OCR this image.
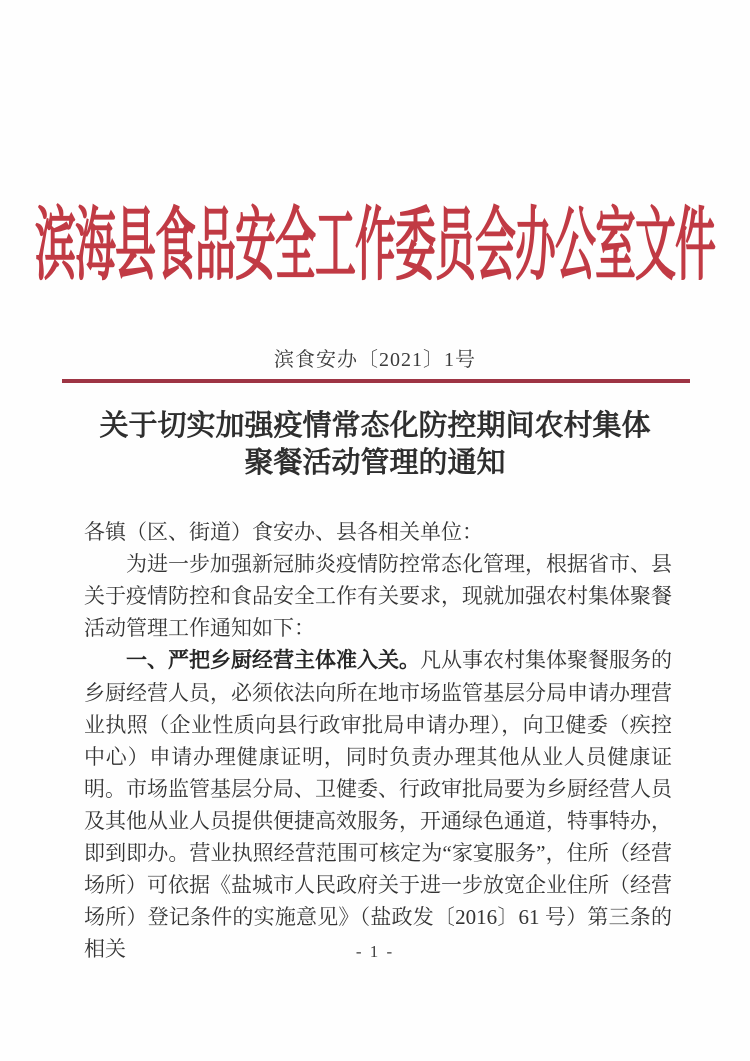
滨海县食品安全工作委员会办公室文件
滨食安办〔2021〕1号
关于切实加强疫情常态化防控期间农村集体
聚餐活动管理的通知

各镇（区、街道）食安办、县各相关单位：

为进一步加强新冠肺炎疫情防控常态化管理，根据省市、县关于疫情防控和食品安全工作有关要求，现就加强农村集体聚餐活动管理工作通知如下：

一、严把乡厨经营主体准入关。凡从事农村集体聚餐服务的乡厨经营人员，必须依法向所在地市场监管基层分局申请办理营业执照（企业性质向县行政审批局申请办理），向卫健委（疾控中心）申请办理健康证明，同时负责办理其他从业人员健康证明。市场监管基层分局、卫健委、行政审批局要为乡厨经营人员及其他从业人员提供便捷高效服务，开通绿色通道，特事特办，即到即办。营业执照经营范围可核定为“家宴服务”，住所（经营场所）可依据《盐城市人民政府关于进一步放宽企业住所（经营场所）登记条件的实施意见》（盐政发〔2016〕61 号）第三条的相关	- 1 -
